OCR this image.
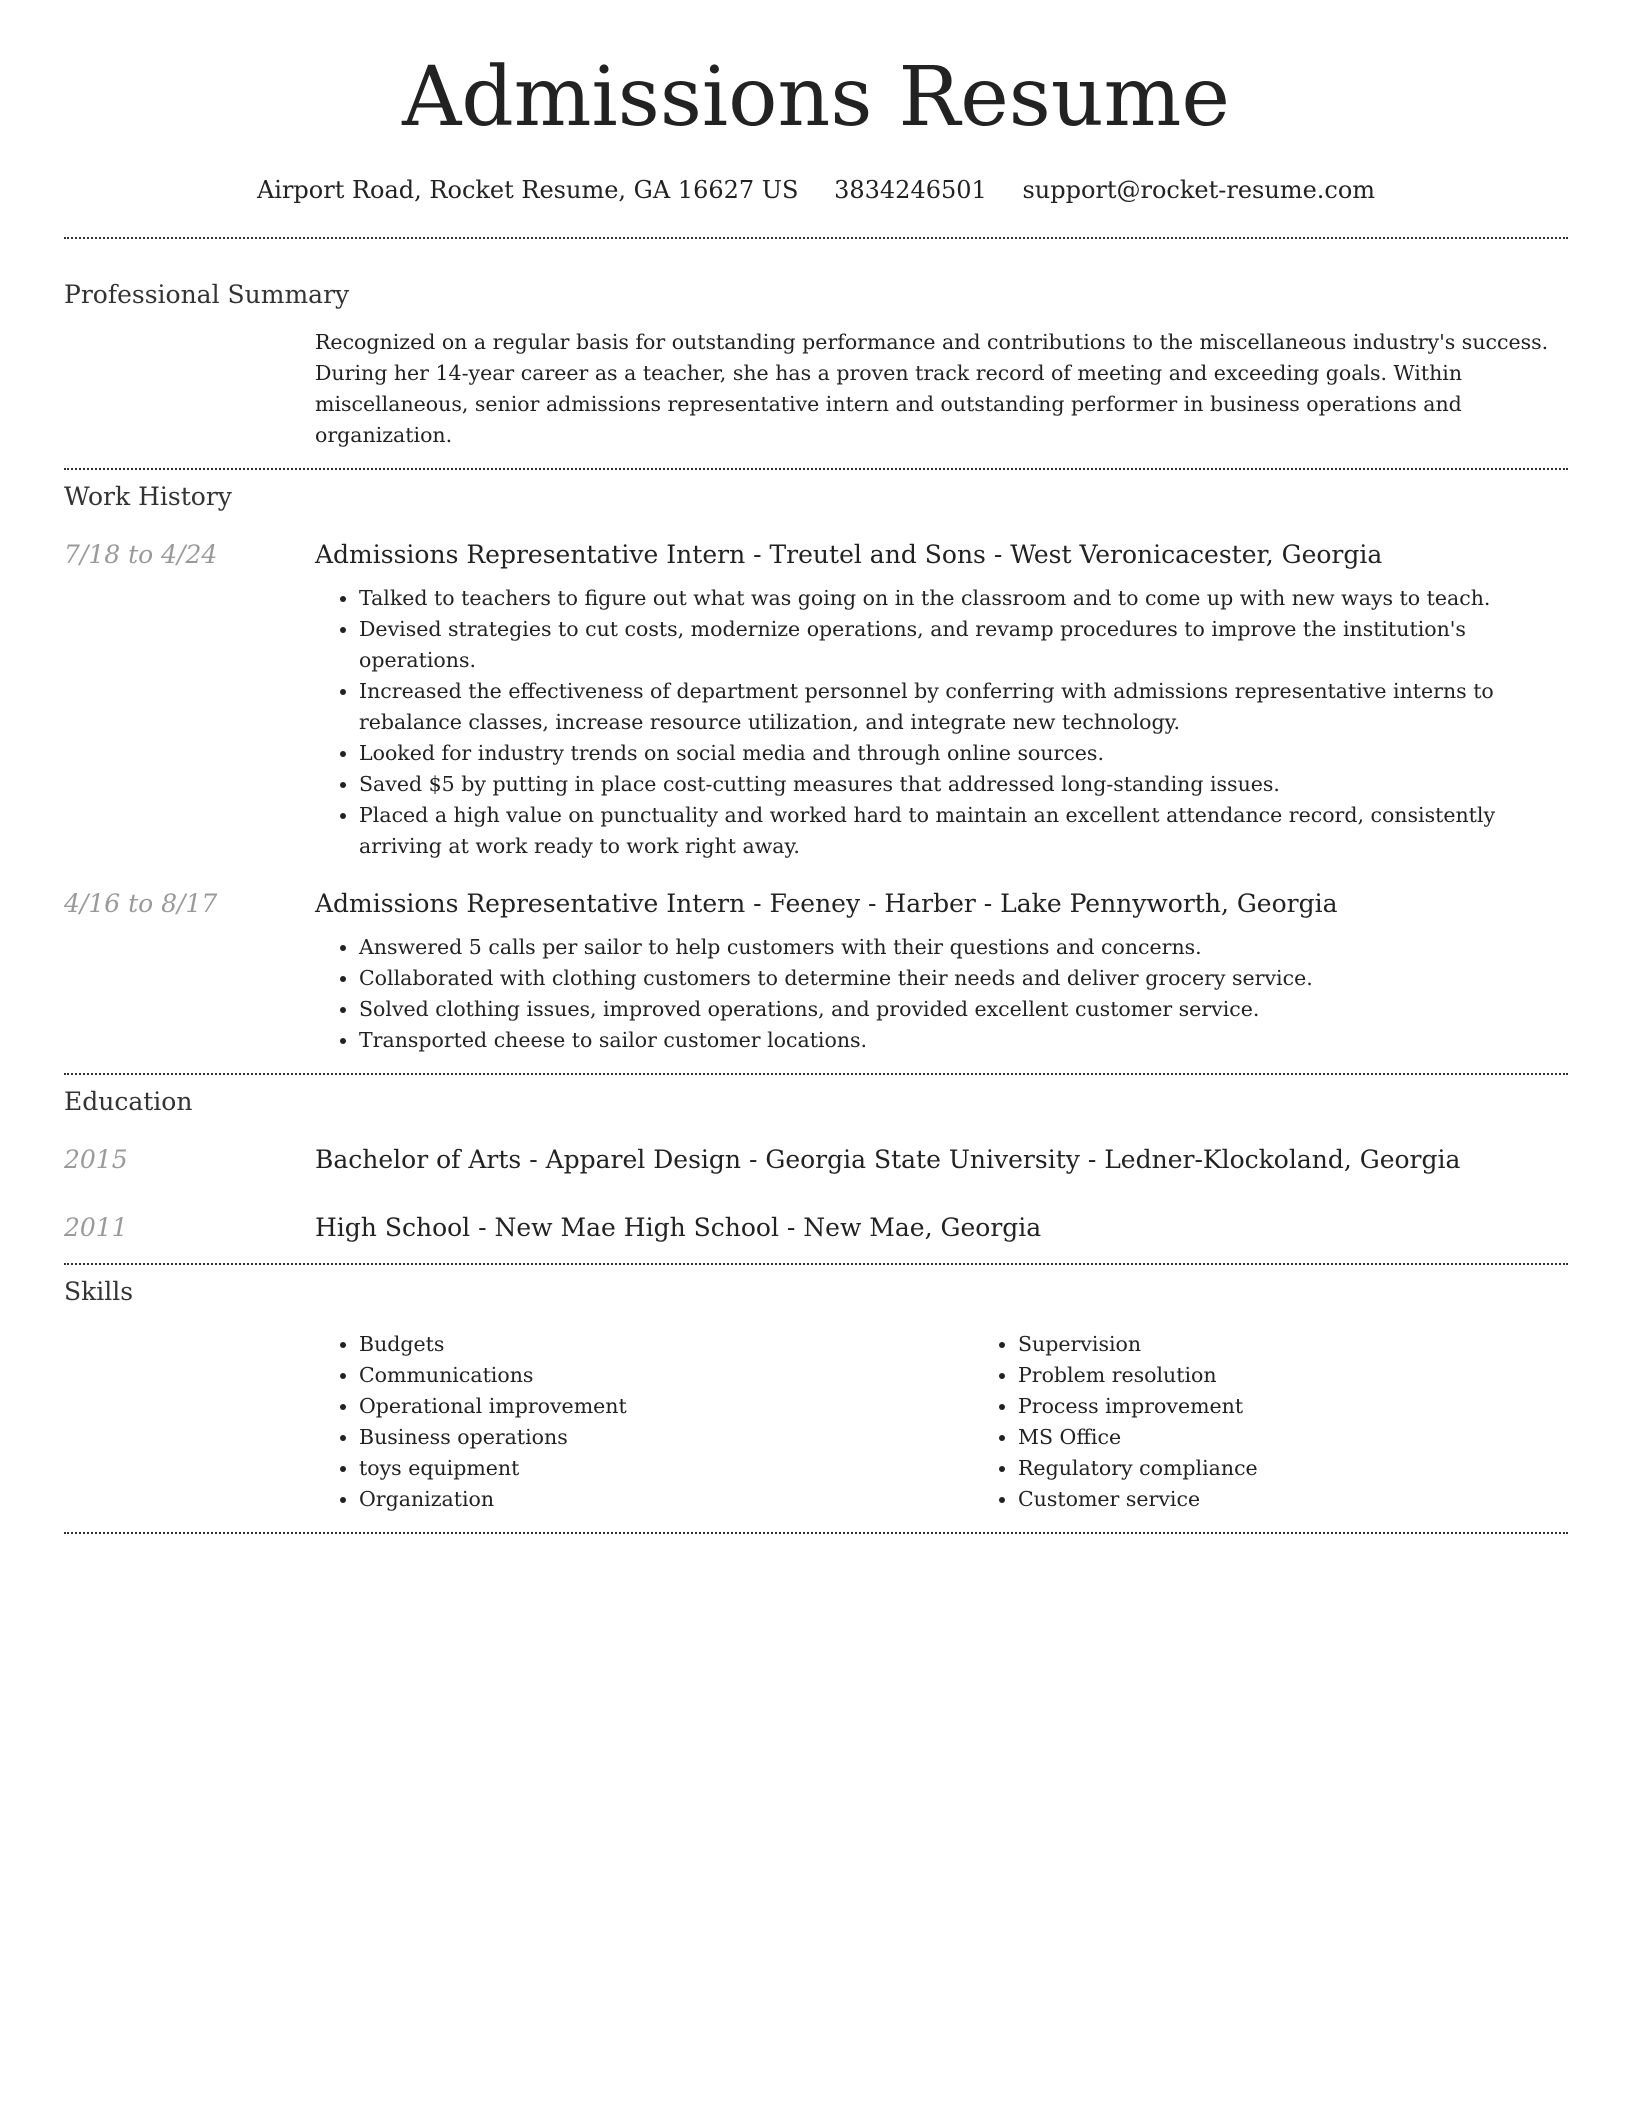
Admissions Resume
Airport Road, Rocket Resume, GA 16627 US 3834246501 support@rocket-resume.com
Professional Summary

Recognized on a regular basis for outstanding performance and contributions to the miscellaneous industry's success. During her 14-year career as a teacher, she has a proven track record of meeting and exceeding goals. Within miscellaneous, senior admissions representative intern and outstanding performer in business operations and organization.

Work History
7/18 to 4/24	Admissions Representative Intern - Treutel and Sons - West Veronicacester, Georgia
• Talked to teachers to figure out what was going on in the classroom and to come up with new ways to teach.
• Devised strategies to cut costs, modernize operations, and revamp procedures to improve the institution's operations.
• Increased the effectiveness of department personnel by conferring with admissions representative interns to rebalance classes, increase resource utilization, and integrate new technology.
• Looked for industry trends on social media and through online sources.
• Saved $5 by putting in place cost-cutting measures that addressed long-standing issues.
• Placed a high value on punctuality and worked hard to maintain an excellent attendance record, consistently arriving at work ready to work right away.
4/16 to 8/17	Admissions Representative Intern - Feeney - Harber - Lake Pennyworth, Georgia
• Answered 5 calls per sailor to help customers with their questions and concerns.
• Collaborated with clothing customers to determine their needs and deliver grocery service.
• Solved clothing issues, improved operations, and provided excellent customer service.
• Transported cheese to sailor customer locations.
Education
2015	Bachelor of Arts - Apparel Design - Georgia State University - Ledner-Klockoland, Georgia
2011	High School - New Mae High School - New Mae, Georgia
Skills
• Budgets
• Communications
• Operational improvement
• Business operations
• toys equipment
• Organization
• Supervision
• Problem resolution
• Process improvement
• MS Office
• Regulatory compliance
• Customer service
